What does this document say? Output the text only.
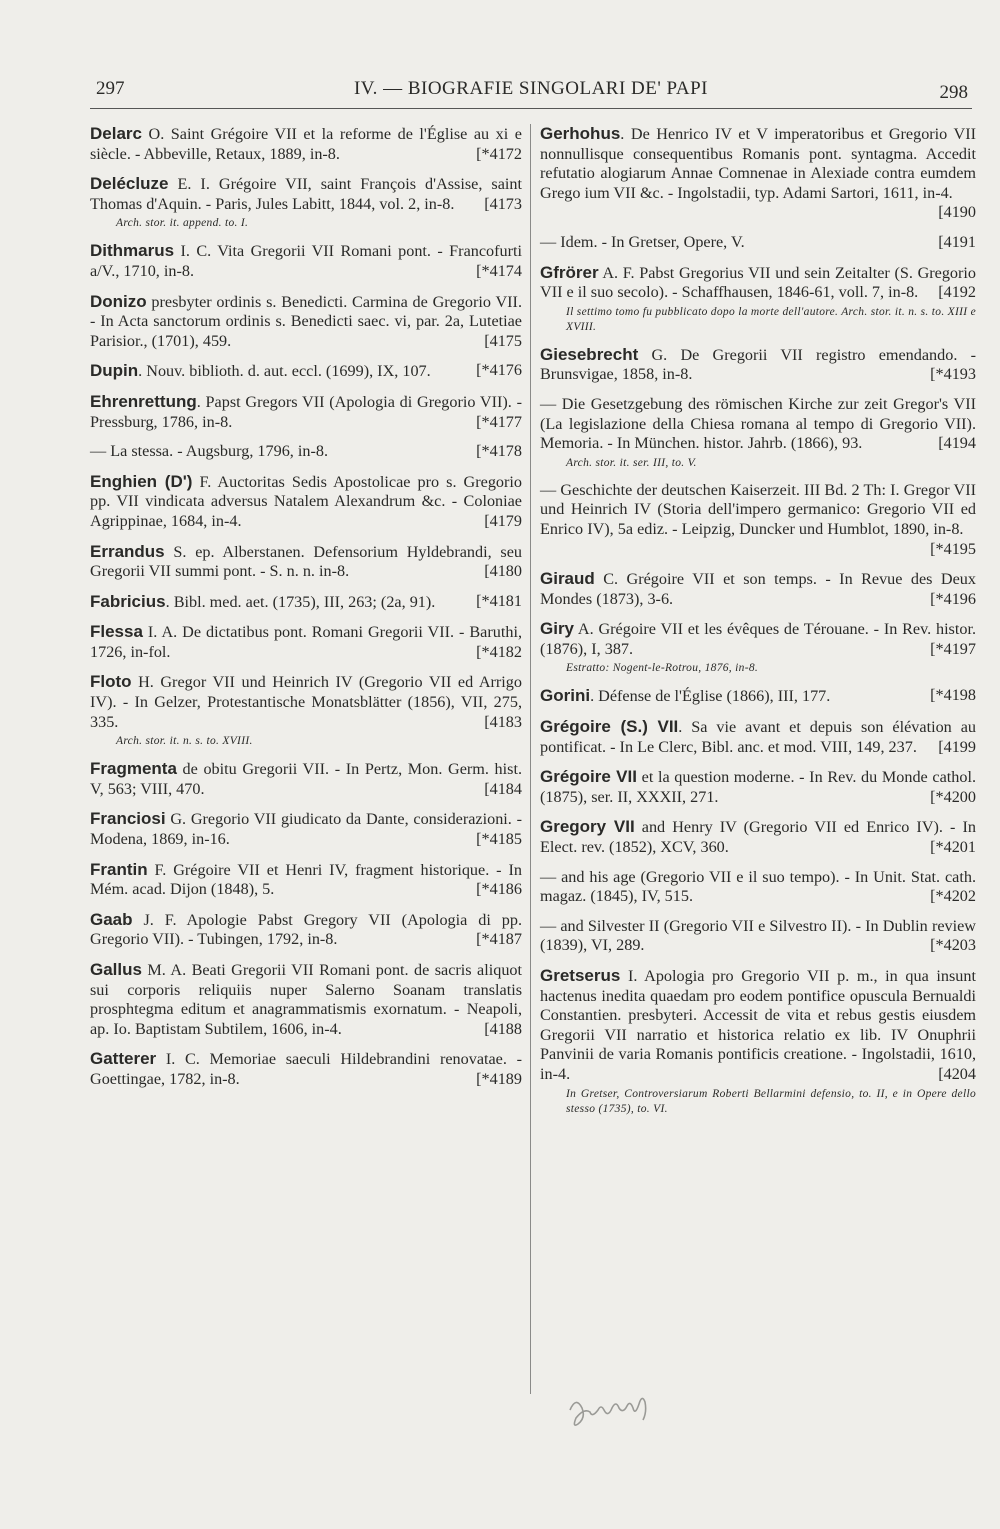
297	IV. — BIOGRAFIE SINGOLARI DE' PAPI	298
Delarc O. Saint Grégoire VII et la reforme de l'Église au xi e siècle. - Abbeville, Retaux, 1889, in-8.	[*4172
Delécluze E. I. Grégoire VII, saint François d'Assise, saint Thomas d'Aquin. - Paris, Jules Labitt, 1844, vol. 2, in-8. [4173
Arch. stor. it. append. to. I.
Dithmarus I. C. Vita Gregorii VII Romani pont. - Francofurti a/V., 1710, in-8.	[*4174
Donizo presbyter ordinis s. Benedicti. Carmina de Gregorio VII. - In Acta sanctorum ordinis s. Benedicti saec. vi, par. 2a, Lutetiae Parisior., (1701), 459.	[4175
Dupin. Nouv. biblioth. d. aut. eccl. (1699), IX, 107.	[*4176
Ehrenrettung. Papst Gregors VII (Apologia di Gregorio VII). - Pressburg, 1786, in-8.	[*4177
— La stessa. - Augsburg, 1796, in-8.	[*4178
Enghien (D') F. Auctoritas Sedis Apostolicae pro s. Gregorio pp. VII vindicata adversus Natalem Alexandrum &c. - Coloniae Agrippinae, 1684, in-4.	[4179
Errandus S. ep. Alberstanen. Defensorium Hyldebrandi, seu Gregorii VII summi pont. - S. n. n. in-8.	[4180
Fabricius. Bibl. med. aet. (1735), III, 263; (2a, 91).	[*4181
Flessa I. A. De dictatibus pont. Romani Gregorii VII. - Baruthi, 1726, in-fol.	[*4182
Floto H. Gregor VII und Heinrich IV (Gregorio VII ed Arrigo IV). - In Gelzer, Protestantische Monatsblätter (1856), VII, 275, 335.	[4183
Arch. stor. it. n. s. to. XVIII.
Fragmenta de obitu Gregorii VII. - In Pertz, Mon. Germ. hist. V, 563; VIII, 470.	[4184
Franciosi G. Gregorio VII giudicato da Dante, considerazioni. - Modena, 1869, in-16.	[*4185
Frantin F. Grégoire VII et Henri IV, fragment historique. - In Mém. acad. Dijon (1848), 5.	[*4186
Gaab J. F. Apologie Pabst Gregory VII (Apologia di pp. Gregorio VII). - Tubingen, 1792, in-8.	[*4187
Gallus M. A. Beati Gregorii VII Romani pont. de sacris aliquot sui corporis reliquiis nuper Salerno Soanam translatis prosphtegma editum et anagrammatismis exornatum. - Neapoli, ap. Io. Baptistam Subtilem, 1606, in-4.	[4188
Gatterer I. C. Memoriae saeculi Hildebrandini renovatae. - Goettingae, 1782, in-8.	[*4189
Gerhohus. De Henrico IV et V imperatoribus et Gregorio VII nonnullisque consequentibus Romanis pont. syntagma. Accedit refutatio alogiarum Annae Comnenae in Alexiade contra eumdem Grego ium VII &c. - Ingolstadii, typ. Adami Sartori, 1611, in-4.
[4190
— Idem. - In Gretser, Opere, V.	[4191
Gfrörer A. F. Pabst Gregorius VII und sein Zeitalter (S. Gregorio VII e il suo secolo). - Schaffhausen, 1846-61, voll. 7, in-8. [4192
Il settimo tomo fu pubblicato dopo la morte dell'autore. Arch. stor. it. n. s. to. XIII e XVIII.
Giesebrecht G. De Gregorii VII registro emendando. - Brunsvigae, 1858, in-8.	[*4193
— Die Gesetzgebung des römischen Kirche zur zeit Gregor's VII (La legislazione della Chiesa romana al tempo di Gregorio VII). Memoria. - In München. histor. Jahrb. (1866), 93.	[4194
Arch. stor. it. ser. III, to. V.
— Geschichte der deutschen Kaiserzeit. III Bd. 2 Th: I. Gregor VII und Heinrich IV (Storia dell'impero germanico: Gregorio VII ed Enrico IV), 5a ediz. - Leipzig, Duncker und Humblot, 1890, in-8.
[*4195
Giraud C. Grégoire VII et son temps. - In Revue des Deux Mondes (1873), 3-6.	[*4196
Giry A. Grégoire VII et les évêques de Térouane. - In Rev. histor. (1876), I, 387.	[*4197
Estratto: Nogent-le-Rotrou, 1876, in-8.
Gorini. Défense de l'Église (1866), III, 177.	[*4198
Grégoire (S.) VII. Sa vie avant et depuis son élévation au pontificat. - In Le Clerc, Bibl. anc. et mod. VIII, 149, 237. [4199
Grégoire VII et la question moderne. - In Rev. du Monde cathol. (1875), ser. II, XXXII, 271.	[*4200
Gregory VII and Henry IV (Gregorio VII ed Enrico IV). - In Elect. rev. (1852), XCV, 360.	[*4201
— and his age (Gregorio VII e il suo tempo). - In Unit. Stat. cath. magaz. (1845), IV, 515.	[*4202
— and Silvester II (Gregorio VII e Silvestro II). - In Dublin review (1839), VI, 289.	[*4203
Gretserus I. Apologia pro Gregorio VII p. m., in qua insunt hactenus inedita quaedam pro eodem pontifice opuscula Bernualdi Constantien. presbyteri. Accessit de vita et rebus gestis eiusdem Gregorii VII narratio et historica relatio ex lib. IV Onuphrii Panvinii de varia Romanis pontificis creatione. - Ingolstadii, 1610, in-4.	[4204
In Gretser, Controversiarum Roberti Bellarmini defensio, to. II, e in Opere dello stesso (1735), to. VI.
